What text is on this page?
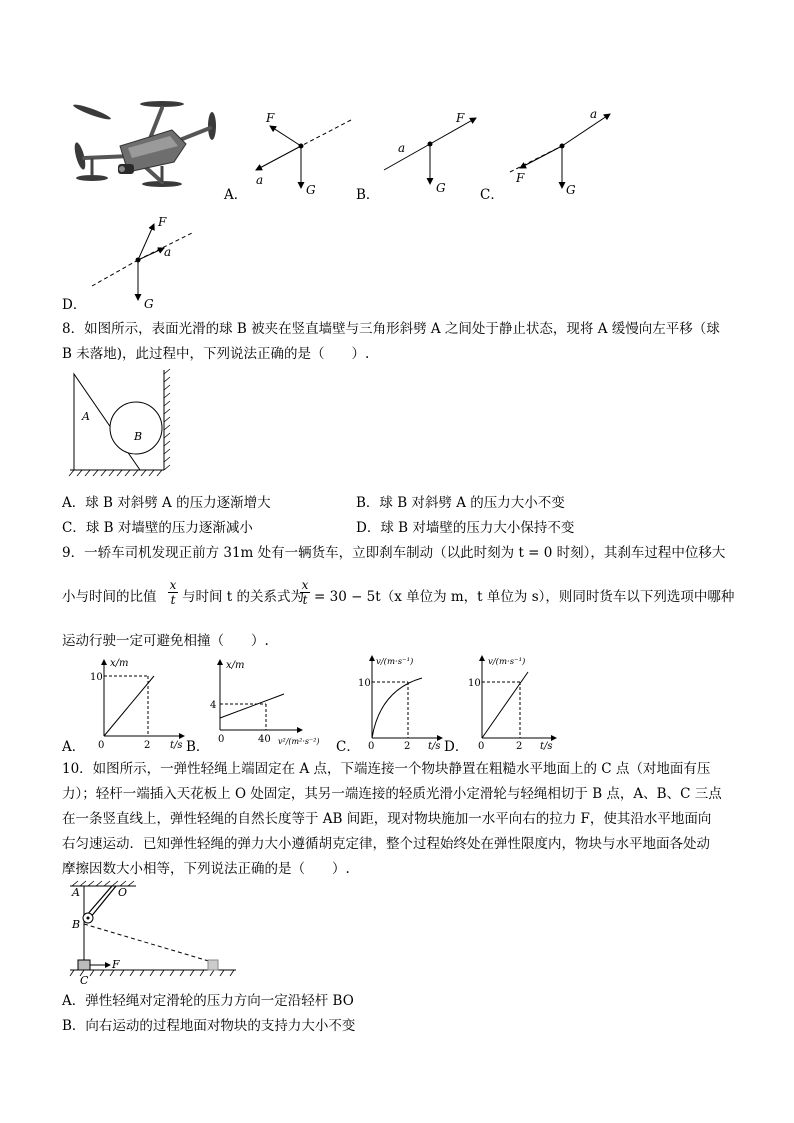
A．
F
a
G	B．
F
a
G	C．
a
F
G
F
a
G
D．
8．如图所示，表面光滑的球 B 被夹在竖直墙壁与三角形斜劈 A 之间处于静止状态，现将 A 缓慢向左平移（球
B 未落地)，此过程中，下列说法正确的是（　　）.
A
B
A．球 B 对斜劈 A 的压力逐渐增大	B．球 B 对斜劈 A 的压力大小不变
C．球 B 对墙壁的压力逐渐减小	D．球 B 对墙壁的压力大小保持不变
9．一轿车司机发现正前方 31m 处有一辆货车，立即刹车制动（以此时刻为 t = 0 时刻），其刹车过程中位移大
小与时间的比值
x
t 与时间 t 的关系式为
x
t = 30 − 5t（x 单位为 m，t 单位为 s），则同时货车以下列选项中哪种
运动行驶一定可避免相撞（　　）.
A．
x/m
10
0	2 t/s B．
x/m
4
0	40 v²/(m²·s⁻²) C．
v/(m·s⁻¹)
10
0	2 t/s D．
v/(m·s⁻¹)
10
0	2 t/s
10．如图所示，一弹性轻绳上端固定在 A 点，下端连接一个物块静置在粗糙水平地面上的 C 点（对地面有压
力）；轻杆一端插入天花板上 O 处固定，其另一端连接的轻质光滑小定滑轮与轻绳相切于 B 点，A、B、C 三点
在一条竖直线上，弹性轻绳的自然长度等于 AB 间距，现对物块施加一水平向右的拉力 F，使其沿水平地面向
右匀速运动．已知弹性轻绳的弹力大小遵循胡克定律，整个过程始终处在弹性限度内，物块与水平地面各处动
摩擦因数大小相等，下列说法正确的是（　　）.
A	O
B
C
F
A．弹性轻绳对定滑轮的压力方向一定沿轻杆 BO
B．向右运动的过程地面对物块的支持力大小不变
